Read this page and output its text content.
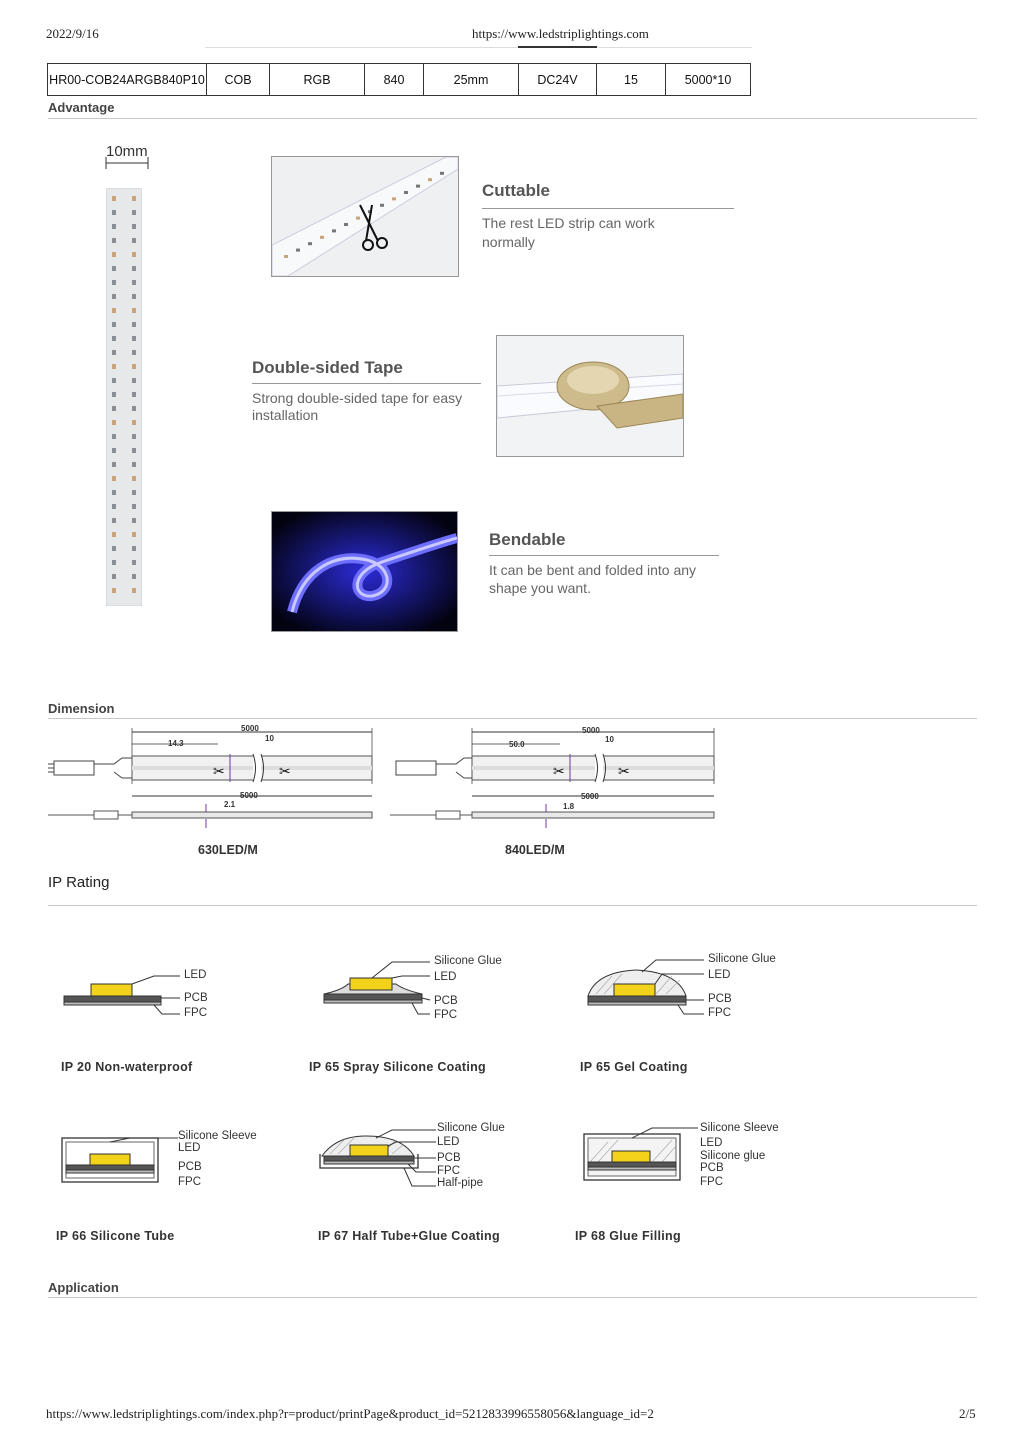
2022/9/16	https://www.ledstriplightings.com
HR00-COB24ARGB840P10	COB	RGB	840	25mm	DC24V	15	5000*10
Advantage
10mm
Cuttable
The rest LED strip can work
normally
Double-sided Tape
Strong double-sided tape for easy
installation
Bendable
It can be bent and folded into any
shape you want.
Dimension
5000
14.3
10
5000
2.1
✂	✂
630LED/M
5000
50.0
10
5000
1.8
✂	✂
840LED/M
IP Rating
LED
PCB
FPC
IP 20 Non-waterproof
Silicone Glue
LED
PCB
FPC
IP 65 Spray Silicone Coating
Silicone Glue
LED
PCB
FPC
IP 65 Gel Coating
Silicone Sleeve
LED
PCB
FPC
IP 66 Silicone Tube
Silicone Glue
LED
PCB
FPC
Half-pipe
IP 67 Half Tube+Glue Coating
Silicone Sleeve
LED
Silicone glue
PCB
FPC
IP 68 Glue Filling
Application
https://www.ledstriplightings.com/index.php?r=product/printPage&product_id=5212833996558056&language_id=2	2/5
